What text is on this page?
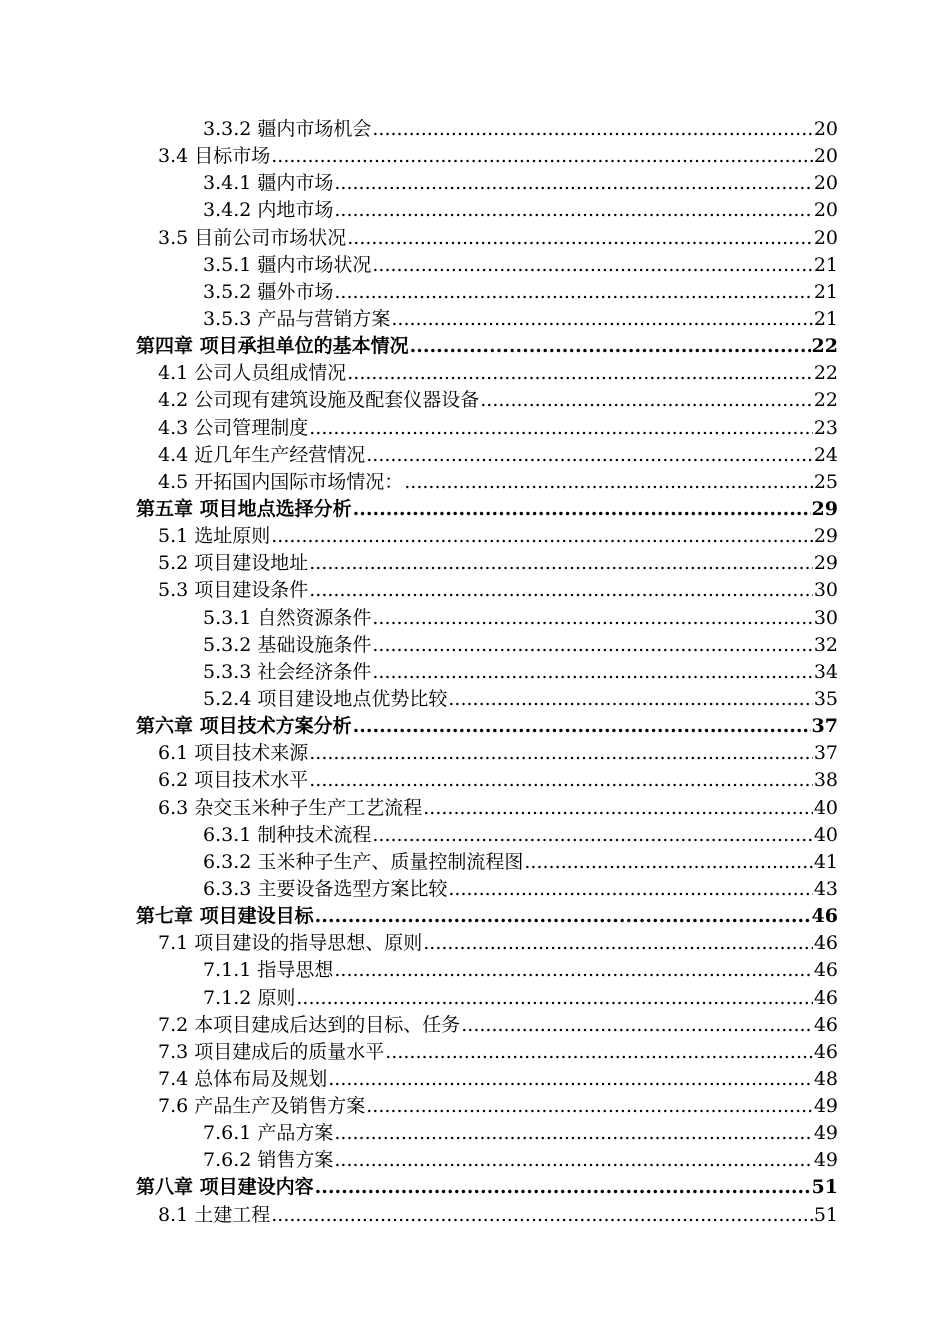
3.3.2 疆内市场机会 .....	20
3.4 目标市场 .....	20
3.4.1 疆内市场 .....	20
3.4.2 内地市场 .....	20
3.5 目前公司市场状况 .....	20
3.5.1 疆内市场状况 .....	21
3.5.2 疆外市场 .....	21
3.5.3 产品与营销方案 .....	21
第四章 项目承担单位的基本情况 .....	22
4.1 公司人员组成情况 .....	22
4.2 公司现有建筑设施及配套仪器设备 .....	22
4.3 公司管理制度 .....	23
4.4 近几年生产经营情况 .....	24
4.5 开拓国内国际市场情况： .....	25
第五章 项目地点选择分析 .....	29
5.1 选址原则 .....	29
5.2 项目建设地址 .....	29
5.3 项目建设条件 .....	30
5.3.1 自然资源条件 .....	30
5.3.2 基础设施条件 .....	32
5.3.3 社会经济条件 .....	34
5.2.4 项目建设地点优势比较 .....	35
第六章 项目技术方案分析 .....	37
6.1 项目技术来源 .....	37
6.2 项目技术水平 .....	38
6.3 杂交玉米种子生产工艺流程 .....	40
6.3.1 制种技术流程 .....	40
6.3.2 玉米种子生产、质量控制流程图 .....	41
6.3.3 主要设备选型方案比较 .....	43
第七章 项目建设目标 .....	46
7.1 项目建设的指导思想、原则 .....	46
7.1.1 指导思想 .....	46
7.1.2 原则 .....	46
7.2 本项目建成后达到的目标、任务 .....	46
7.3 项目建成后的质量水平 .....	46
7.4 总体布局及规划 .....	48
7.6 产品生产及销售方案 .....	49
7.6.1 产品方案 .....	49
7.6.2 销售方案 .....	49
第八章 项目建设内容 .....	51
8.1 土建工程 .....	51
